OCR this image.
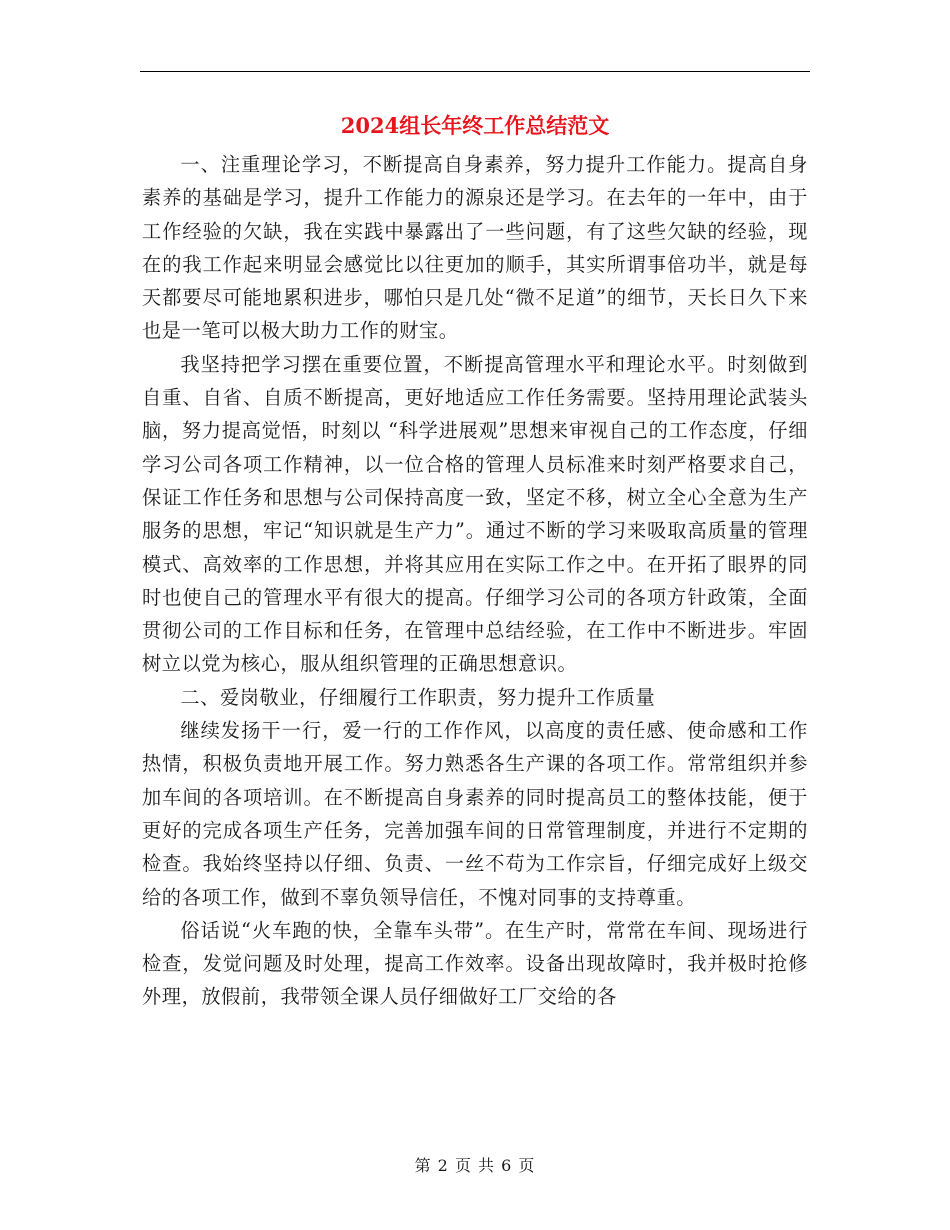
2024组长年终工作总结范文

一、注重理论学习，不断提高自身素养，努力提升工作能力。提高自身素养的基础是学习，提升工作能力的源泉还是学习。在去年的一年中，由于工作经验的欠缺，我在实践中暴露出了一些问题，有了这些欠缺的经验，现在的我工作起来明显会感觉比以往更加的顺手，其实所谓事倍功半，就是每天都要尽可能地累积进步，哪怕只是几处“微不足道”的细节，天长日久下来也是一笔可以极大助力工作的财宝。

我坚持把学习摆在重要位置，不断提高管理水平和理论水平。时刻做到自重、自省、自质不断提高，更好地适应工作任务需要。坚持用理论武装头脑，努力提高觉悟，时刻以 “科学进展观”思想来审视自己的工作态度，仔细学习公司各项工作精神，以一位合格的管理人员标准来时刻严格要求自己，保证工作任务和思想与公司保持高度一致，坚定不移，树立全心全意为生产服务的思想，牢记“知识就是生产力”。通过不断的学习来吸取高质量的管理模式、高效率的工作思想，并将其应用在实际工作之中。在开拓了眼界的同时也使自己的管理水平有很大的提高。仔细学习公司的各项方针政策，全面贯彻公司的工作目标和任务，在管理中总结经验，在工作中不断进步。牢固树立以党为核心，服从组织管理的正确思想意识。

二、爱岗敬业，仔细履行工作职责，努力提升工作质量

继续发扬干一行，爱一行的工作作风，以高度的责任感、使命感和工作热情，积极负责地开展工作。努力熟悉各生产课的各项工作。常常组织并参加车间的各项培训。在不断提高自身素养的同时提高员工的整体技能，便于更好的完成各项生产任务，完善加强车间的日常管理制度，并进行不定期的检查。我始终坚持以仔细、负责、一丝不苟为工作宗旨，仔细完成好上级交给的各项工作，做到不辜负领导信任，不愧对同事的支持尊重。

俗话说“火车跑的快，全靠车头带”。在生产时，常常在车间、现场进行检查，发觉问题及时处理，提高工作效率。设备出现故障时，我并极时抢修外理，放假前，我带领全课人员仔细做好工厂交给的各

第 2 页 共 6 页
